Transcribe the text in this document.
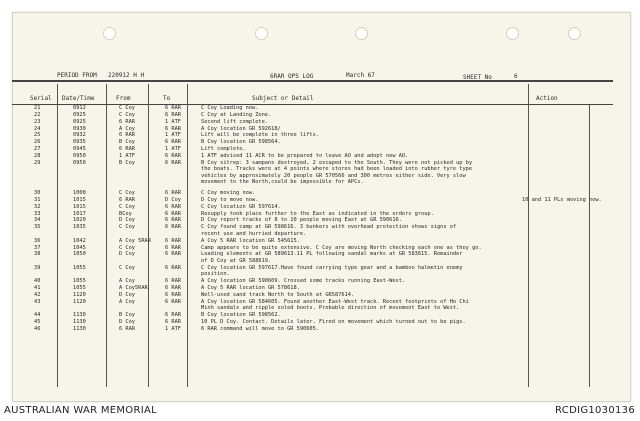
PERIOD FROM 220912 H H	6RAR OPS LOG	March 67	SHEET No	6
Serial Date/Time	From	To	Subject or Detail	Action
21	0912	C Coy	6 RAR	C Coy Loading now.
22	0925	C Coy	6 RAR	C Coy at Landing Zone.
23	0925	6 RAR	1 ATF	Second lift complete.
24	0930	A Coy	6 RAR	A Coy location GR 592618/
25	0932	6 RAR	1 ATF	Lift will be complete in three lifts.
26	0935	B Coy	6 RAR	B Coy location GR 598564.
27	0945	6 RAR	1 ATF	Lift complete.
28	0950	1 ATF	6 RAR	1 ATF advised 11 ACR to be prepared to leave AO and adopt new AO.
29	0950	B Coy	6 RAR	B Coy sitrep: 3 sampans destroyed, 2 escaped to the South. They were not picked up by
the boats. Tracks were at 4 points where stores had been loaded into rubber tyre type
vehicles by approximately 20 people GR 570566 and 300 metres either side. Very slow
movement to the North,could be impossible for APCs.
30	1000	C Coy	6 RAR	C Coy moving now.
31	1015	6 RAR	D Coy	D Coy to move now.	10 and 11 PLs moving now.
32	1015	C Coy	6 RAR	C Coy location GR 597614.
33	1017	BCoy	6 RAR	Resupply took place further to the East as indicated in the orders group.
34	1020	D Coy	6 RAR	D Coy report tracks of 8 to 10 people moving East at GR 590616.
35	1035	C Coy	6 RAR	C Coy found camp at GR 598616. 3 bunkers with overhead protection shows signs of
recent use and hurried departure.
36	1042	A Coy 5RAR	6 RAR	A Coy 5 RAR location GR 545615.
37	1045	C Coy	6 RAR	Camp appears to be quite extensive. C Coy are moving North checking each one as they go.
38	1050	D Coy	6 RAR	Leading elements at GR 589613.11 PL following sandal marks at GR 583615. Remainder
of D Coy at GR 588619.
39	1055	C Coy	6 RAR	C Coy location GR 597617.Have found carrying type gear and a bamboo halmetin enemy
position.
40	1055	A Coy	6 RAR	A Coy location GR 590609. Crossed some tracks running East-West.
41	1055	A Coy5RAR	6 RAR	A Coy 5 RAR location GR 578618.
42	1120	D Coy	6 RAR	Well-used sand track North to South at GR587614.
43	1120	A Coy	6 RAR	A Coy location GR 584605. Found another East-West track. Recent footprints of Ho Chi
Minh sandals and ripple soled boots. Probable direction of movement East to West.
44	1130	B Coy	6 RAR	B Coy location GR 598562.
45	1130	D Coy	6 RAR	10 PL D Coy. Contact. Details later. Fired on movement which turned out to be pigs.
46	1130	6 RAR	1 ATF	6 RAR command will move to GR 590605.
AUSTRALIAN WAR MEMORIAL	RCDIG1030136
